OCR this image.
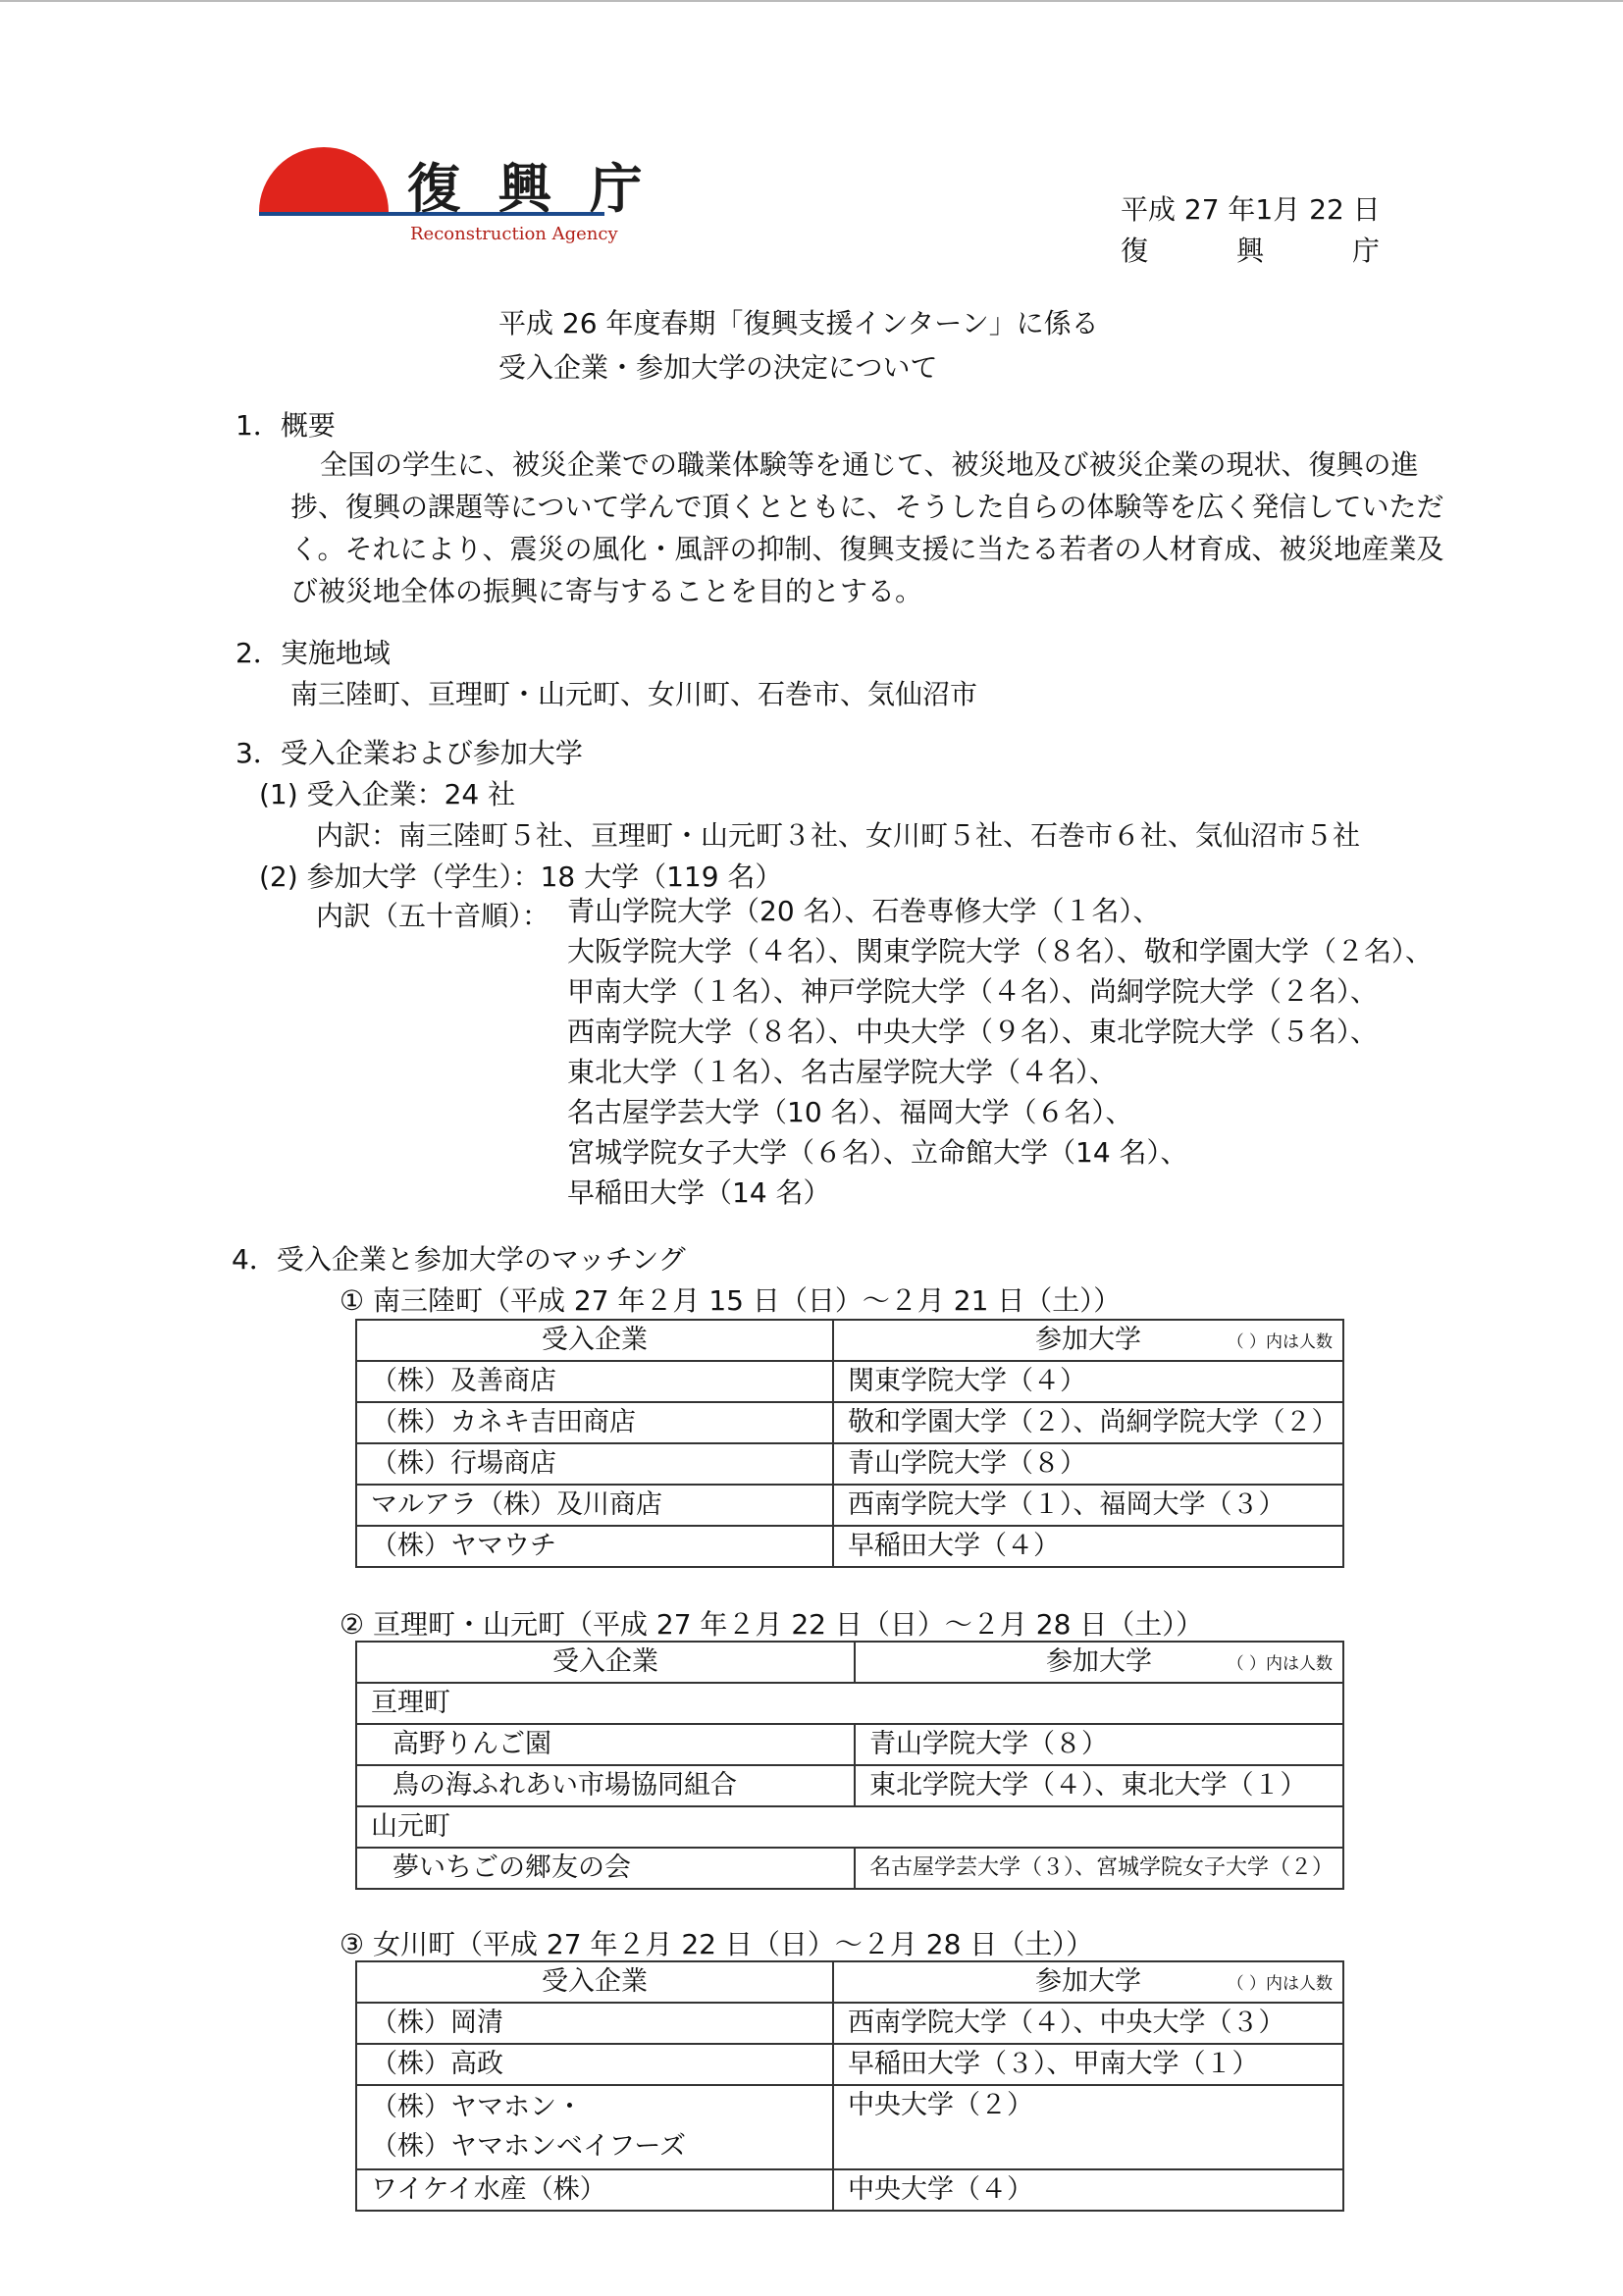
復 興 庁
Reconstruction Agency
平成 27 年1月 22 日
復	興	庁
平成 26 年度春期「復興支援インターン」に係る
受入企業・参加大学の決定について
1．概要
全国の学生に、被災企業での職業体験等を通じて、被災地及び被災企業の現状、復興の進捗、復興の課題等について学んで頂くとともに、そうした自らの体験等を広く発信していただく。それにより、震災の風化・風評の抑制、復興支援に当たる若者の人材育成、被災地産業及び被災地全体の振興に寄与することを目的とする。
2．実施地域
南三陸町、亘理町・山元町、女川町、石巻市、気仙沼市
3．受入企業および参加大学
(1) 受入企業：24 社
内訳：南三陸町５社、亘理町・山元町３社、女川町５社、石巻市６社、気仙沼市５社
(2) 参加大学（学生）：18 大学（119 名）
内訳（五十音順）： 青山学院大学（20 名）、石巻専修大学（１名）、
大阪学院大学（４名）、関東学院大学（８名）、敬和学園大学（２名）、
甲南大学（１名）、神戸学院大学（４名）、尚絅学院大学（２名）、
西南学院大学（８名）、中央大学（９名）、東北学院大学（５名）、
東北大学（１名）、名古屋学院大学（４名）、
名古屋学芸大学（10 名）、福岡大学（６名）、
宮城学院女子大学（６名）、立命館大学（14 名）、
早稲田大学（14 名）
4．受入企業と参加大学のマッチング
① 南三陸町（平成 27 年２月 15 日（日）～２月 21 日（土））
受入企業	参加大学 （ ）内は人数

（株）及善商店	関東学院大学（４）
（株）カネキ吉田商店	敬和学園大学（２）、尚絅学院大学（２）
（株）行場商店	青山学院大学（８）
マルアラ（株）及川商店	西南学院大学（１）、福岡大学（３）
（株）ヤマウチ	早稲田大学（４）
② 亘理町・山元町（平成 27 年２月 22 日（日）～２月 28 日（土））
受入企業	参加大学 （ ）内は人数

亘理町	
高野りんご園	青山学院大学（８）
鳥の海ふれあい市場協同組合	東北学院大学（４）、東北大学（１）
山元町	
夢いちごの郷友の会	名古屋学芸大学（３）、宮城学院女子大学（２）
③ 女川町（平成 27 年２月 22 日（日）～２月 28 日（土））
受入企業	参加大学 （ ）内は人数

（株）岡清	西南学院大学（４）、中央大学（３）
（株）高政	早稲田大学（３）、甲南大学（１）

（株）ヤマホン・
（株）ヤマホンベイフーズ	中央大学（２）
ワイケイ水産（株）	中央大学（４）
